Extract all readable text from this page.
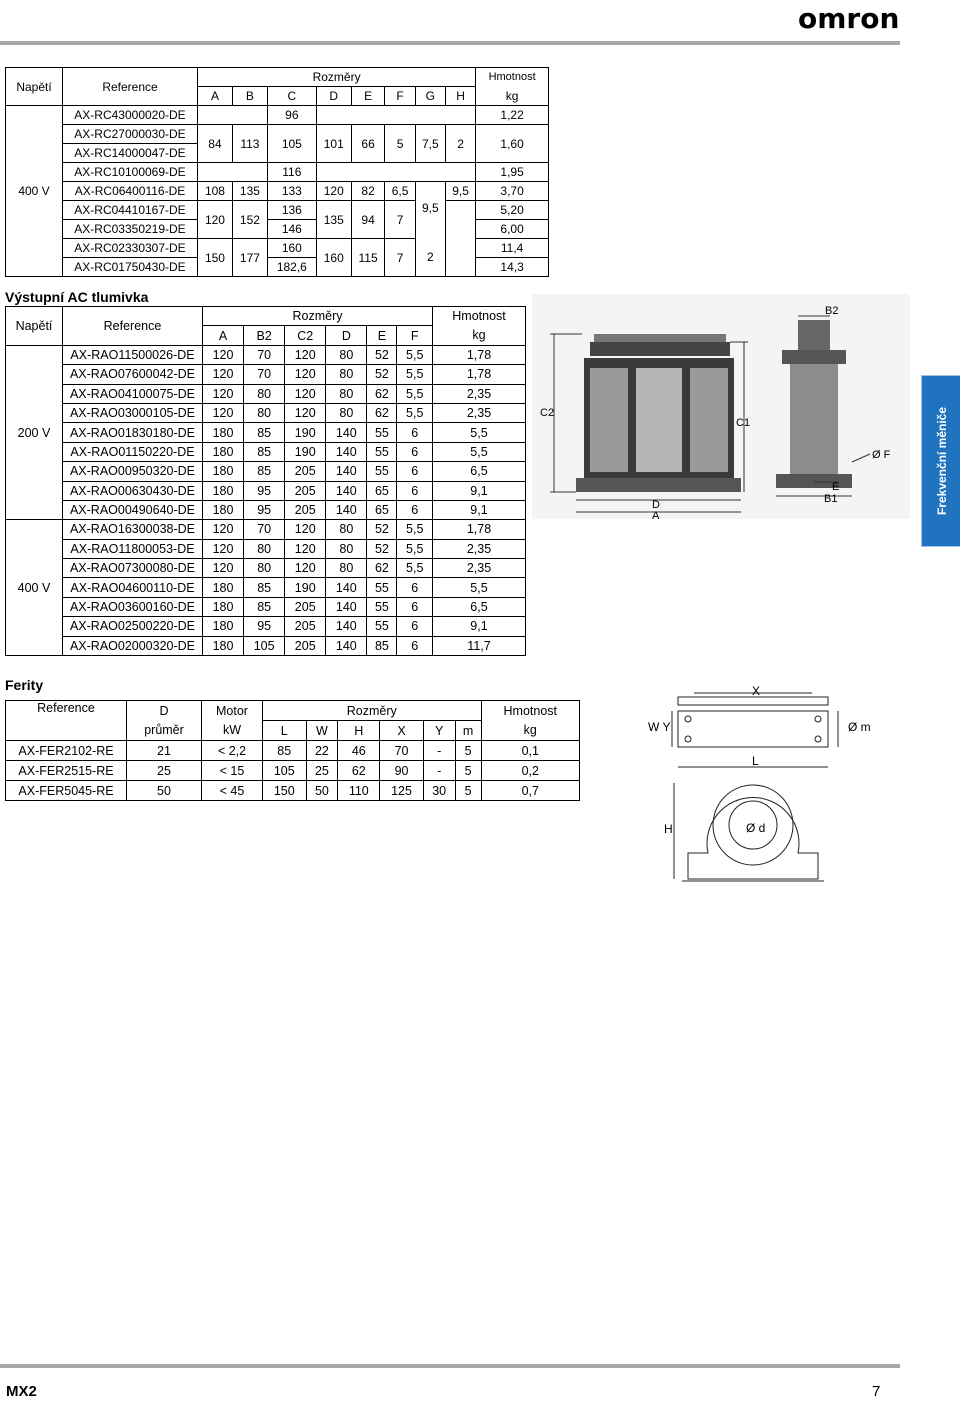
omron
Napětí	Reference	Rozměry								Hmotnost
		A	B	C	D	E	F	G	H	kg
400 V	AX-RC43000020-DE			96						1,22
	AX-RC27000030-DE	84	113	105	101	66	5	7,5	2	1,60
	AX-RC14000047-DE									
	AX-RC10100069-DE			116						1,95
	AX-RC06400116-DE	108	135	133	120	82	6,5		9,5	3,70
	AX-RC04410167-DE	120	152	136	135	94	7	9,5		5,20
	AX-RC03350219-DE			146						6,00
	AX-RC02330307-DE	150	177	160	160	115	7	2		11,4
	AX-RC01750430-DE			182,6						14,3
Výstupní AC tlumivka
Napětí	Reference	Rozměry						Hmotnost
		A	B2	C2	D	E	F	kg
200 V	AX-RAO11500026-DE	120	70	120	80	52	5,5	1,78
	AX-RAO07600042-DE	120	70	120	80	52	5,5	1,78
	AX-RAO04100075-DE	120	80	120	80	62	5,5	2,35
	AX-RAO03000105-DE	120	80	120	80	62	5,5	2,35
	AX-RAO01830180-DE	180	85	190	140	55	6	5,5
	AX-RAO01150220-DE	180	85	190	140	55	6	5,5
	AX-RAO00950320-DE	180	85	205	140	55	6	6,5
	AX-RAO00630430-DE	180	95	205	140	65	6	9,1
	AX-RAO00490640-DE	180	95	205	140	65	6	9,1
400 V	AX-RAO16300038-DE	120	70	120	80	52	5,5	1,78
	AX-RAO11800053-DE	120	80	120	80	52	5,5	2,35
	AX-RAO07300080-DE	120	80	120	80	62	5,5	2,35
	AX-RAO04600110-DE	180	85	190	140	55	6	5,5
	AX-RAO03600160-DE	180	85	205	140	55	6	6,5
	AX-RAO02500220-DE	180	95	205	140	55	6	9,1
	AX-RAO02000320-DE	180	105	205	140	85	6	11,7
C2
C1
D
A
B2
Ø F
E
B1	Frekvenční měniče
Ferity
Reference	D	Motor	Rozměry						Hmotnost
	průměr	kW	L	W	H	X	Y	m	kg
AX-FER2102-RE	21	< 2,2	85	22	46	70	-	5	0,1
AX-FER2515-RE	25	< 15	105	25	62	90	-	5	0,2
AX-FER5045-RE	50	< 45	150	50	110	125	30	5	0,7
X
W Y	Ø m
L
H	Ø d
MX2	7
